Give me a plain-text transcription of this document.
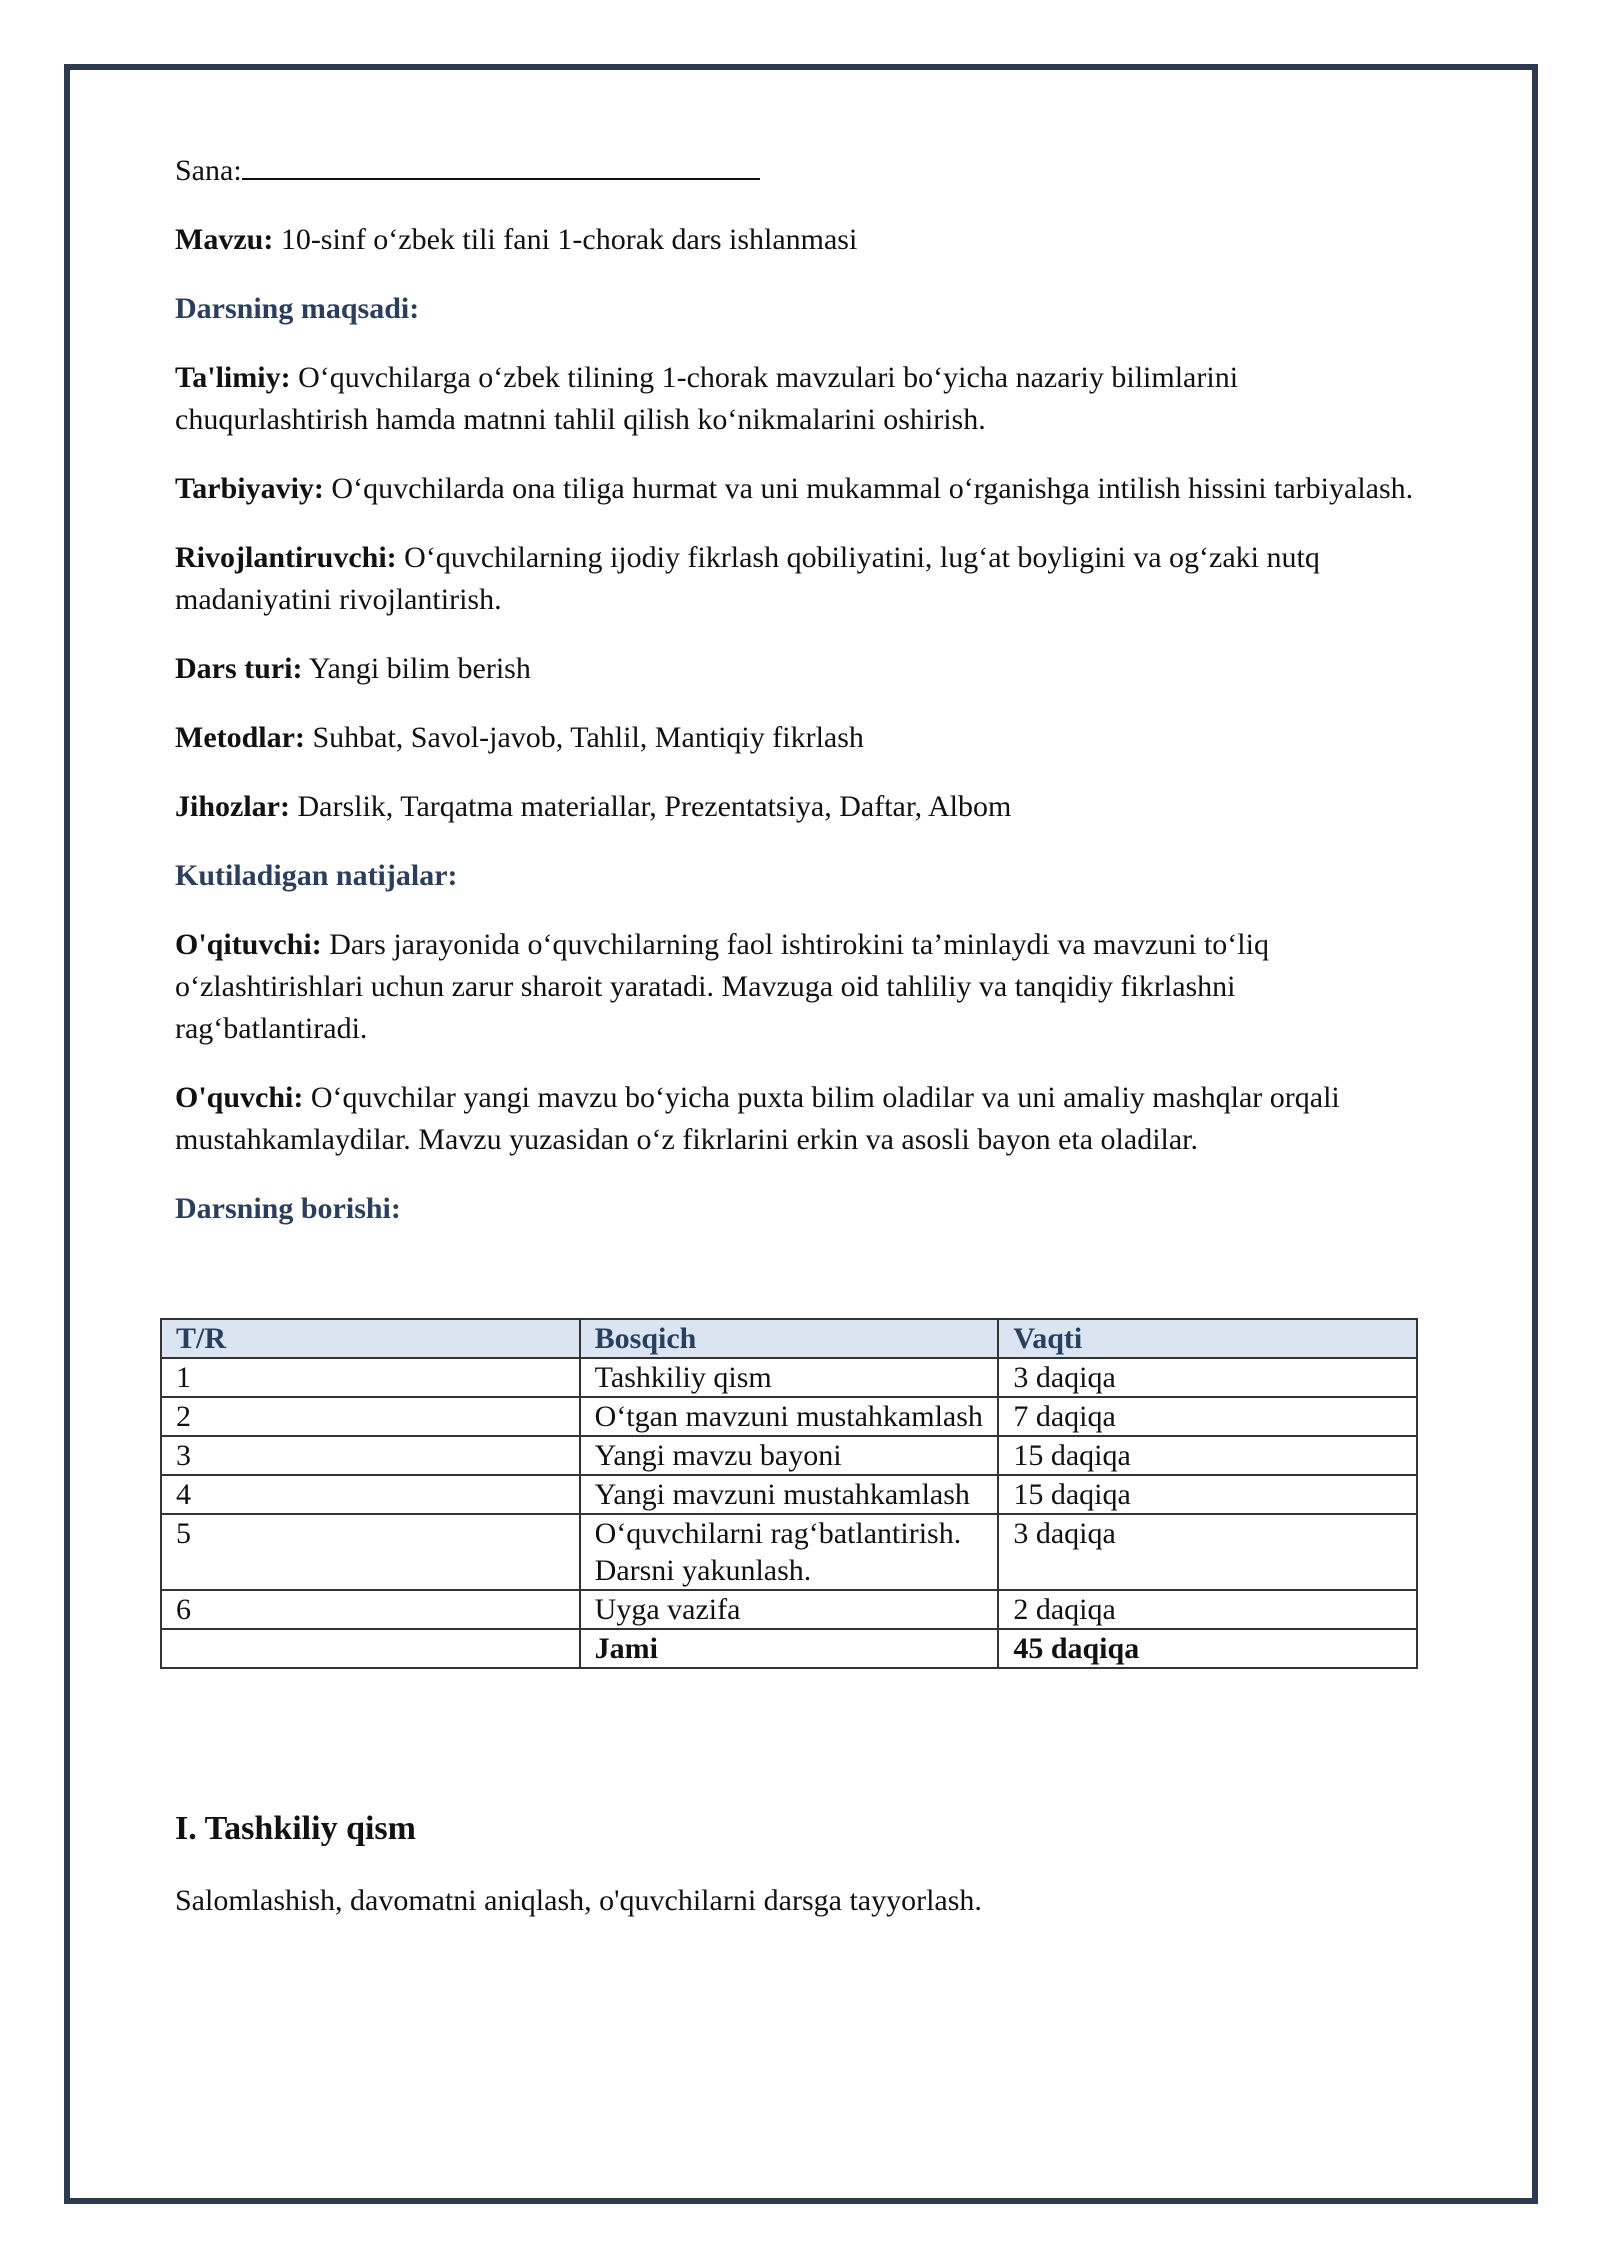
Sana:

Mavzu: 10-sinf o‘zbek tili fani 1-chorak dars ishlanmasi

Darsning maqsadi:

Ta'limiy: O‘quvchilarga o‘zbek tilining 1-chorak mavzulari bo‘yicha nazariy bilimlarini chuqurlashtirish hamda matnni tahlil qilish ko‘nikmalarini oshirish.

Tarbiyaviy: O‘quvchilarda ona tiliga hurmat va uni mukammal o‘rganishga intilish hissini tarbiyalash.

Rivojlantiruvchi: O‘quvchilarning ijodiy fikrlash qobiliyatini, lug‘at boyligini va og‘zaki nutq madaniyatini rivojlantirish.

Dars turi: Yangi bilim berish

Metodlar: Suhbat, Savol-javob, Tahlil, Mantiqiy fikrlash

Jihozlar: Darslik, Tarqatma materiallar, Prezentatsiya, Daftar, Albom

Kutiladigan natijalar:

O'qituvchi: Dars jarayonida o‘quvchilarning faol ishtirokini ta’minlaydi va mavzuni to‘liq o‘zlashtirishlari uchun zarur sharoit yaratadi. Mavzuga oid tahliliy va tanqidiy fikrlashni rag‘batlantiradi.

O'quvchi: O‘quvchilar yangi mavzu bo‘yicha puxta bilim oladilar va uni amaliy mashqlar orqali mustahkamlaydilar. Mavzu yuzasidan o‘z fikrlarini erkin va asosli bayon eta oladilar.

Darsning borishi:

T/R	Bosqich	Vaqti
1	Tashkiliy qism	3 daqiqa
2	O‘tgan mavzuni mustahkamlash	7 daqiqa
3	Yangi mavzu bayoni	15 daqiqa
4	Yangi mavzuni mustahkamlash	15 daqiqa
5	O‘quvchilarni rag‘batlantirish. Darsni yakunlash.	3 daqiqa
6	Uyga vazifa	2 daqiqa
	Jami	45 daqiqa

I. Tashkiliy qism

Salomlashish, davomatni aniqlash, o'quvchilarni darsga tayyorlash.
